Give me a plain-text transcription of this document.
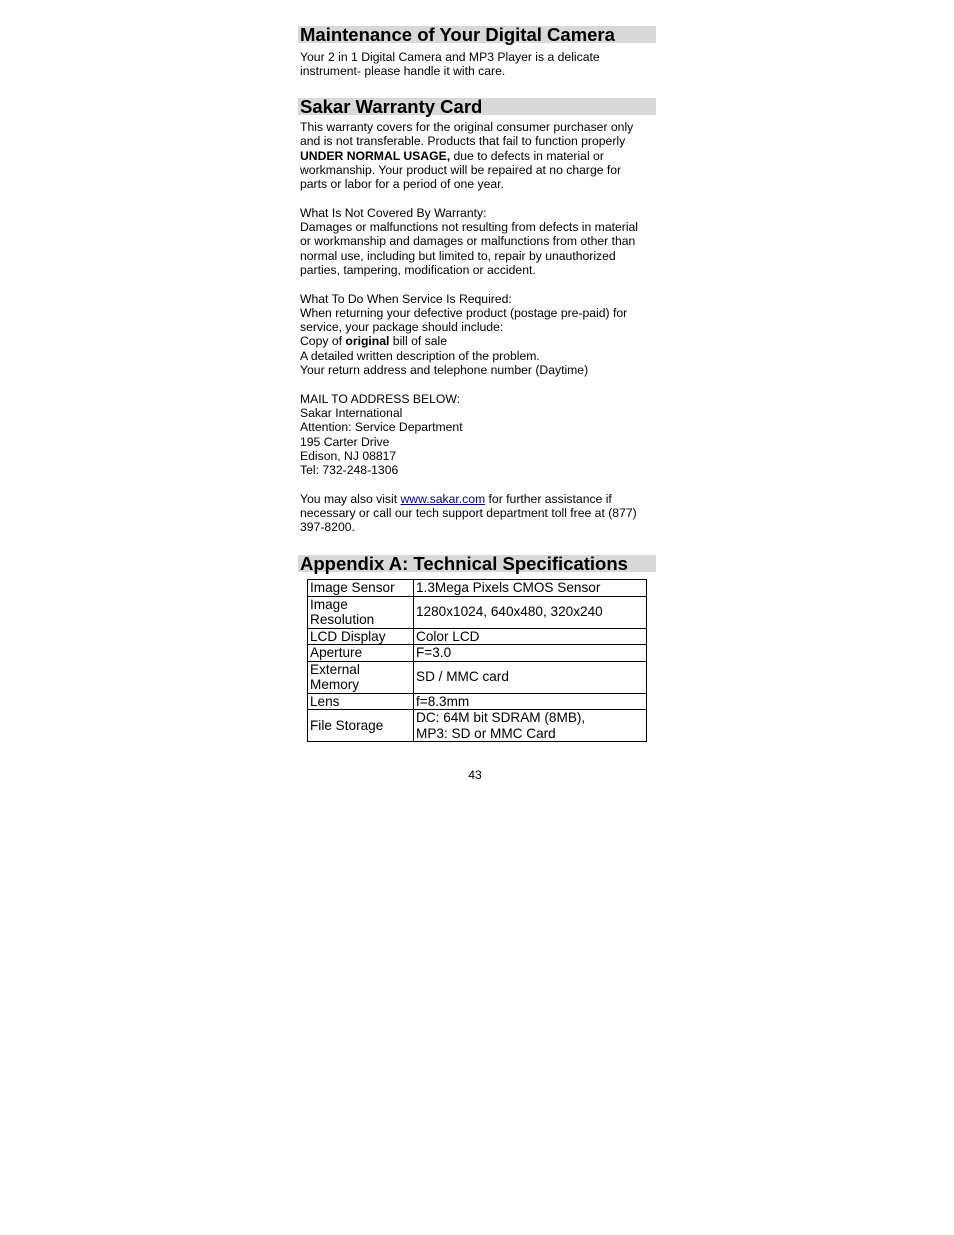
Maintenance of Your Digital Camera
Your 2 in 1 Digital Camera and MP3 Player is a delicate
instrument- please handle it with care.
Sakar Warranty Card
This warranty covers for the original consumer purchaser only
and is not transferable. Products that fail to function properly
UNDER NORMAL USAGE, due to defects in material or
workmanship. Your product will be repaired at no charge for
parts or labor for a period of one year.
What Is Not Covered By Warranty:
Damages or malfunctions not resulting from defects in material
or workmanship and damages or malfunctions from other than
normal use, including but limited to, repair by unauthorized
parties, tampering, modification or accident.
What To Do When Service Is Required:
When returning your defective product (postage pre-paid) for
service, your package should include:
Copy of original bill of sale
A detailed written description of the problem.
Your return address and telephone number (Daytime)
MAIL TO ADDRESS BELOW:
Sakar International
Attention: Service Department
195 Carter Drive
Edison, NJ 08817
Tel: 732-248-1306
You may also visit www.sakar.com for further assistance if
necessary or call our tech support department toll free at (877)
397-8200.
Appendix A: Technical Specifications
Image Sensor	1.3Mega Pixels CMOS Sensor
Image
Resolution	1280x1024, 640x480, 320x240
LCD Display	Color LCD
Aperture	F=3.0
External
Memory	SD / MMC card
Lens	f=8.3mm
File Storage	DC: 64M bit SDRAM (8MB),
MP3: SD or MMC Card
43
